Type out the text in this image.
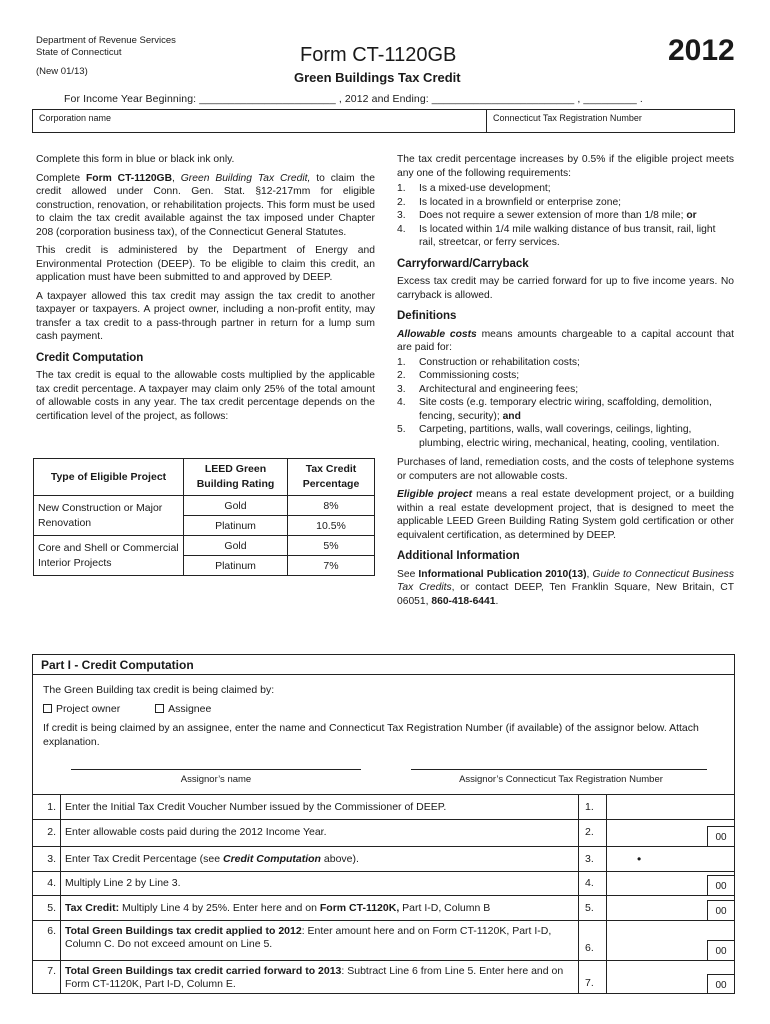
Department of Revenue Services
State of Connecticut
(New 01/13)
Form CT-1120GB
Green Buildings Tax Credit
2012
For Income Year Beginning: _______________________ , 2012 and Ending: ________________________ , _________ .
Corporation name	Connecticut Tax Registration Number

Complete this form in blue or black ink only.

Complete Form CT-1120GB, Green Building Tax Credit, to claim the credit allowed under Conn. Gen. Stat. §12-217mm for eligible construction, renovation, or rehabilitation projects. This form must be used to claim the tax credit available against the tax imposed under Chapter 208 (corporation business tax), of the Connecticut General Statutes.

This credit is administered by the Department of Energy and Environmental Protection (DEEP). To be eligible to claim this credit, an application must have been submitted to and approved by DEEP.

A taxpayer allowed this tax credit may assign the tax credit to another taxpayer or taxpayers. A project owner, including a non-profit entity, may transfer a tax credit to a pass-through partner in return for a lump sum cash payment.

Credit Computation

The tax credit is equal to the allowable costs multiplied by the applicable tax credit percentage. A taxpayer may claim only 25% of the total amount of allowable costs in any year. The tax credit percentage depends on the certification level of the project, as follows:

Type of Eligible Project	LEED Green Building Rating	Tax Credit Percentage
New Construction or Major Renovation	Gold	8%
	Platinum	10.5%
Core and Shell or Commercial Interior Projects	Gold	5%
	Platinum	7%

The tax credit percentage increases by 0.5% if the eligible project meets any one of the following requirements:

1.	Is a mixed-use development;
2.	Is located in a brownfield or enterprise zone;
3.	Does not require a sewer extension of more than 1/8 mile; or
4.	Is located within 1/4 mile walking distance of bus transit, rail, light rail, streetcar, or ferry services.
Carryforward/Carryback

Excess tax credit may be carried forward for up to five income years. No carryback is allowed.

Definitions

Allowable costs means amounts chargeable to a capital account that are paid for:

1.	Construction or rehabilitation costs;
2.	Commissioning costs;
3.	Architectural and engineering fees;
4.	Site costs (e.g. temporary electric wiring, scaffolding, demolition, fencing, security); and
5.	Carpeting, partitions, walls, wall coverings, ceilings, lighting, plumbing, electric wiring, mechanical, heating, cooling, ventilation.

Purchases of land, remediation costs, and the costs of telephone systems or computers are not allowable costs.

Eligible project means a real estate development project, or a building within a real estate development project, that is designed to meet the applicable LEED Green Building Rating System gold certification or other equivalent certification, as determined by DEEP.

Additional Information

See Informational Publication 2010(13), Guide to Connecticut Business Tax Credits, or contact DEEP, Ten Franklin Square, New Britain, CT 06051, 860-418-6441.

Part I - Credit Computation
The Green Building tax credit is being claimed by:
Project owner	Assignee
If credit is being claimed by an assignee, enter the name and Connecticut Tax Registration Number (if available) of the assignor below. Attach explanation.
Assignor’s name	Assignor’s Connecticut Tax Registration Number
1. Enter the Initial Tax Credit Voucher Number issued by the Commissioner of DEEP.	1.
2. Enter allowable costs paid during the 2012 Income Year.	2.	00
3. Enter Tax Credit Percentage (see Credit Computation above).	3.	•
4. Multiply Line 2 by Line 3.	4.	00
5. Tax Credit: Multiply Line 4 by 25%. Enter here and on Form CT-1120K, Part I-D, Column B	5.	00
6. Total Green Buildings tax credit applied to 2012: Enter amount here and on Form CT-1120K, Part I-D, Column C. Do not exceed amount on Line 5.	6.	00
7. Total Green Buildings tax credit carried forward to 2013: Subtract Line 6 from Line 5. Enter here and on Form CT-1120K, Part I-D, Column E.	7.	00
